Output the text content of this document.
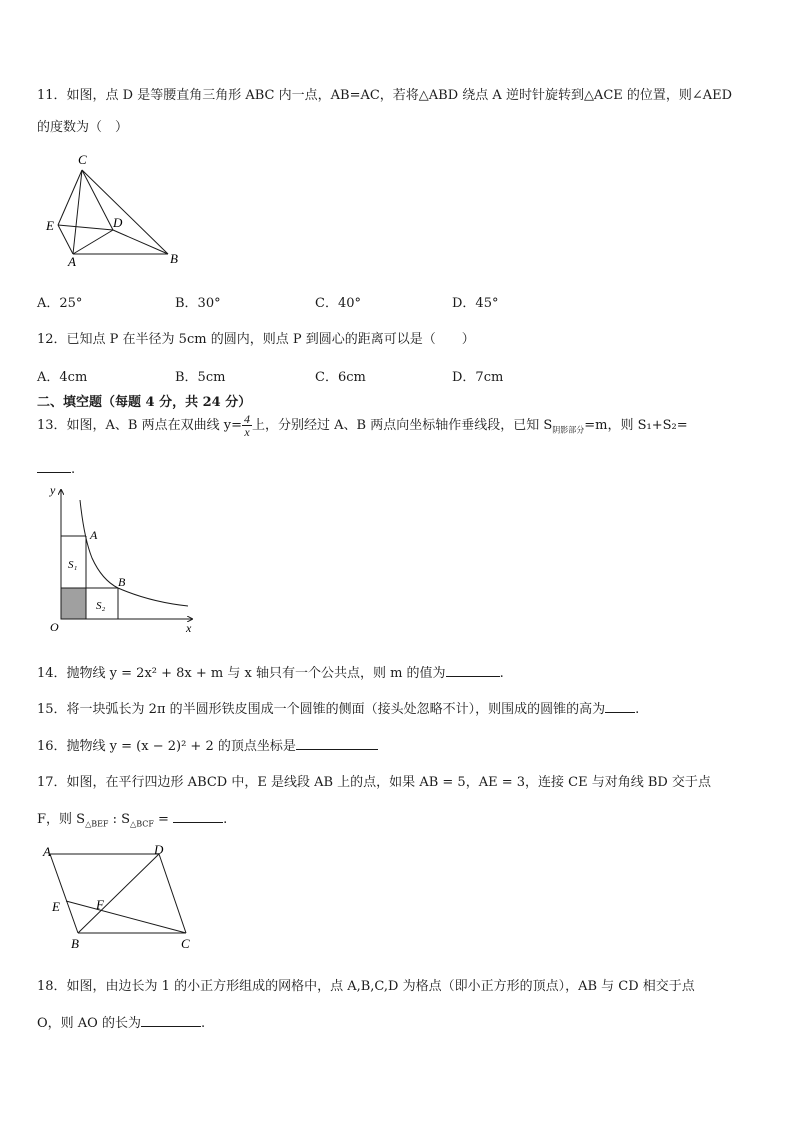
11．如图，点 D 是等腰直角三角形 ABC 内一点，AB=AC，若将△ABD 绕点 A 逆时针旋转到△ACE 的位置，则∠AED
的度数为（　）
C
E	D
A	B
A．25°	B．30°	C．40°	D．45°
12．已知点 P 在半径为 5cm 的圆内，则点 P 到圆心的距离可以是（　　）
A．4cm	B．5cm	C．6cm	D．7cm
二、填空题（每题 4 分，共 24 分）
13．如图，A、B 两点在双曲线 $y= \frac{4}{x}$ 上，分别经过 A、B 两点向坐标轴作垂线段，已知 $S_{阴影部分}=m$，则 S₁+S₂=
.
y
x
O
A
B
S₁
S₂
14．抛物线 y = 2x² + 8x + m 与 x 轴只有一个公共点，则 m 的值为	.
15．将一块弧长为 2π 的半圆形铁皮围成一个圆锥的侧面（接头处忽略不计），则围成的圆锥的高为 .
16．抛物线 y = (x − 2)² + 2 的顶点坐标是
17．如图，在平行四边形 ABCD 中，E 是线段 AB 上的点，如果 AB = 5，AE = 3，连接 CE 与对角线 BD 交于点
F，则 $S_{\triangle BEF}$ : $S_{\triangle BCF}$ =	.
A	D
E	F
B	C
18．如图，由边长为 1 的小正方形组成的网格中，点 A,B,C,D 为格点（即小正方形的顶点），AB 与 CD 相交于点
O，则 AO 的长为	.
